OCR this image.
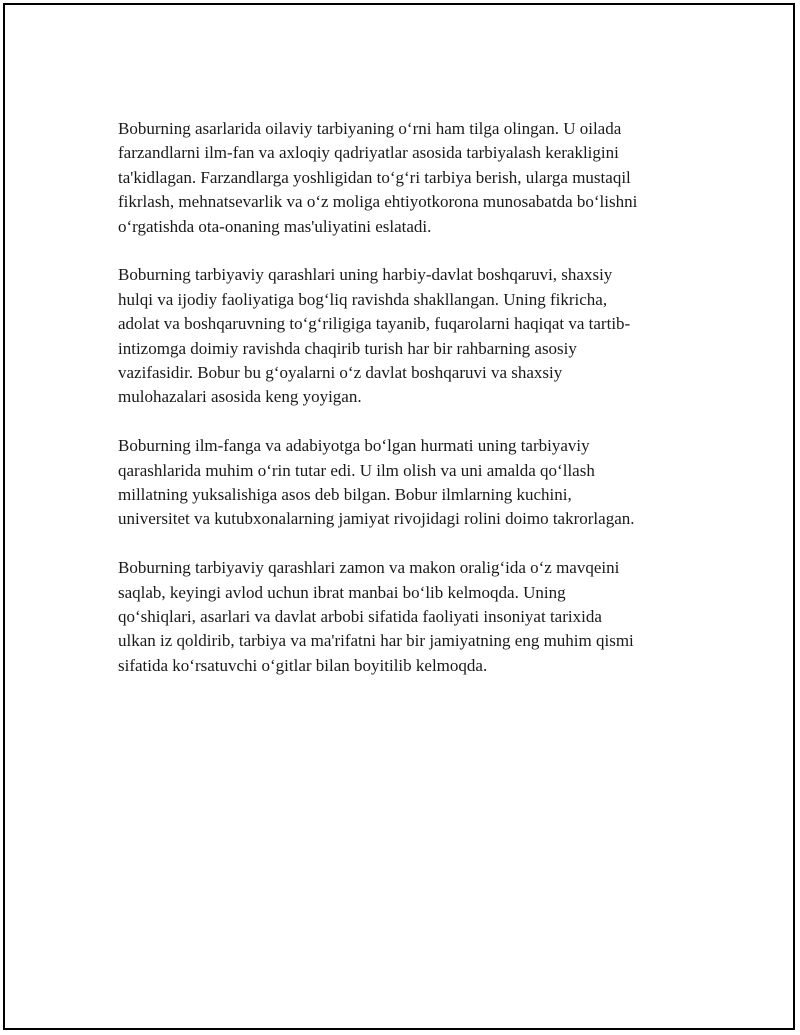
Boburning asarlarida oilaviy tarbiyaning o‘rni ham tilga olingan. U oilada
farzandlarni ilm-fan va axloqiy qadriyatlar asosida tarbiyalash kerakligini
ta'kidlagan. Farzandlarga yoshligidan to‘g‘ri tarbiya berish, ularga mustaqil
fikrlash, mehnatsevarlik va o‘z moliga ehtiyotkorona munosabatda bo‘lishni
o‘rgatishda ota-onaning mas'uliyatini eslatadi.

Boburning tarbiyaviy qarashlari uning harbiy-davlat boshqaruvi, shaxsiy
hulqi va ijodiy faoliyatiga bog‘liq ravishda shakllangan. Uning fikricha,
adolat va boshqaruvning to‘g‘riligiga tayanib, fuqarolarni haqiqat va tartib-
intizomga doimiy ravishda chaqirib turish har bir rahbarning asosiy
vazifasidir. Bobur bu g‘oyalarni o‘z davlat boshqaruvi va shaxsiy
mulohazalari asosida keng yoyigan.

Boburning ilm-fanga va adabiyotga bo‘lgan hurmati uning tarbiyaviy
qarashlarida muhim o‘rin tutar edi. U ilm olish va uni amalda qo‘llash
millatning yuksalishiga asos deb bilgan. Bobur ilmlarning kuchini,
universitet va kutubxonalarning jamiyat rivojidagi rolini doimo takrorlagan.

Boburning tarbiyaviy qarashlari zamon va makon oralig‘ida o‘z mavqeini
saqlab, keyingi avlod uchun ibrat manbai bo‘lib kelmoqda. Uning
qo‘shiqlari, asarlari va davlat arbobi sifatida faoliyati insoniyat tarixida
ulkan iz qoldirib, tarbiya va ma'rifatni har bir jamiyatning eng muhim qismi
sifatida ko‘rsatuvchi o‘gitlar bilan boyitilib kelmoqda.
